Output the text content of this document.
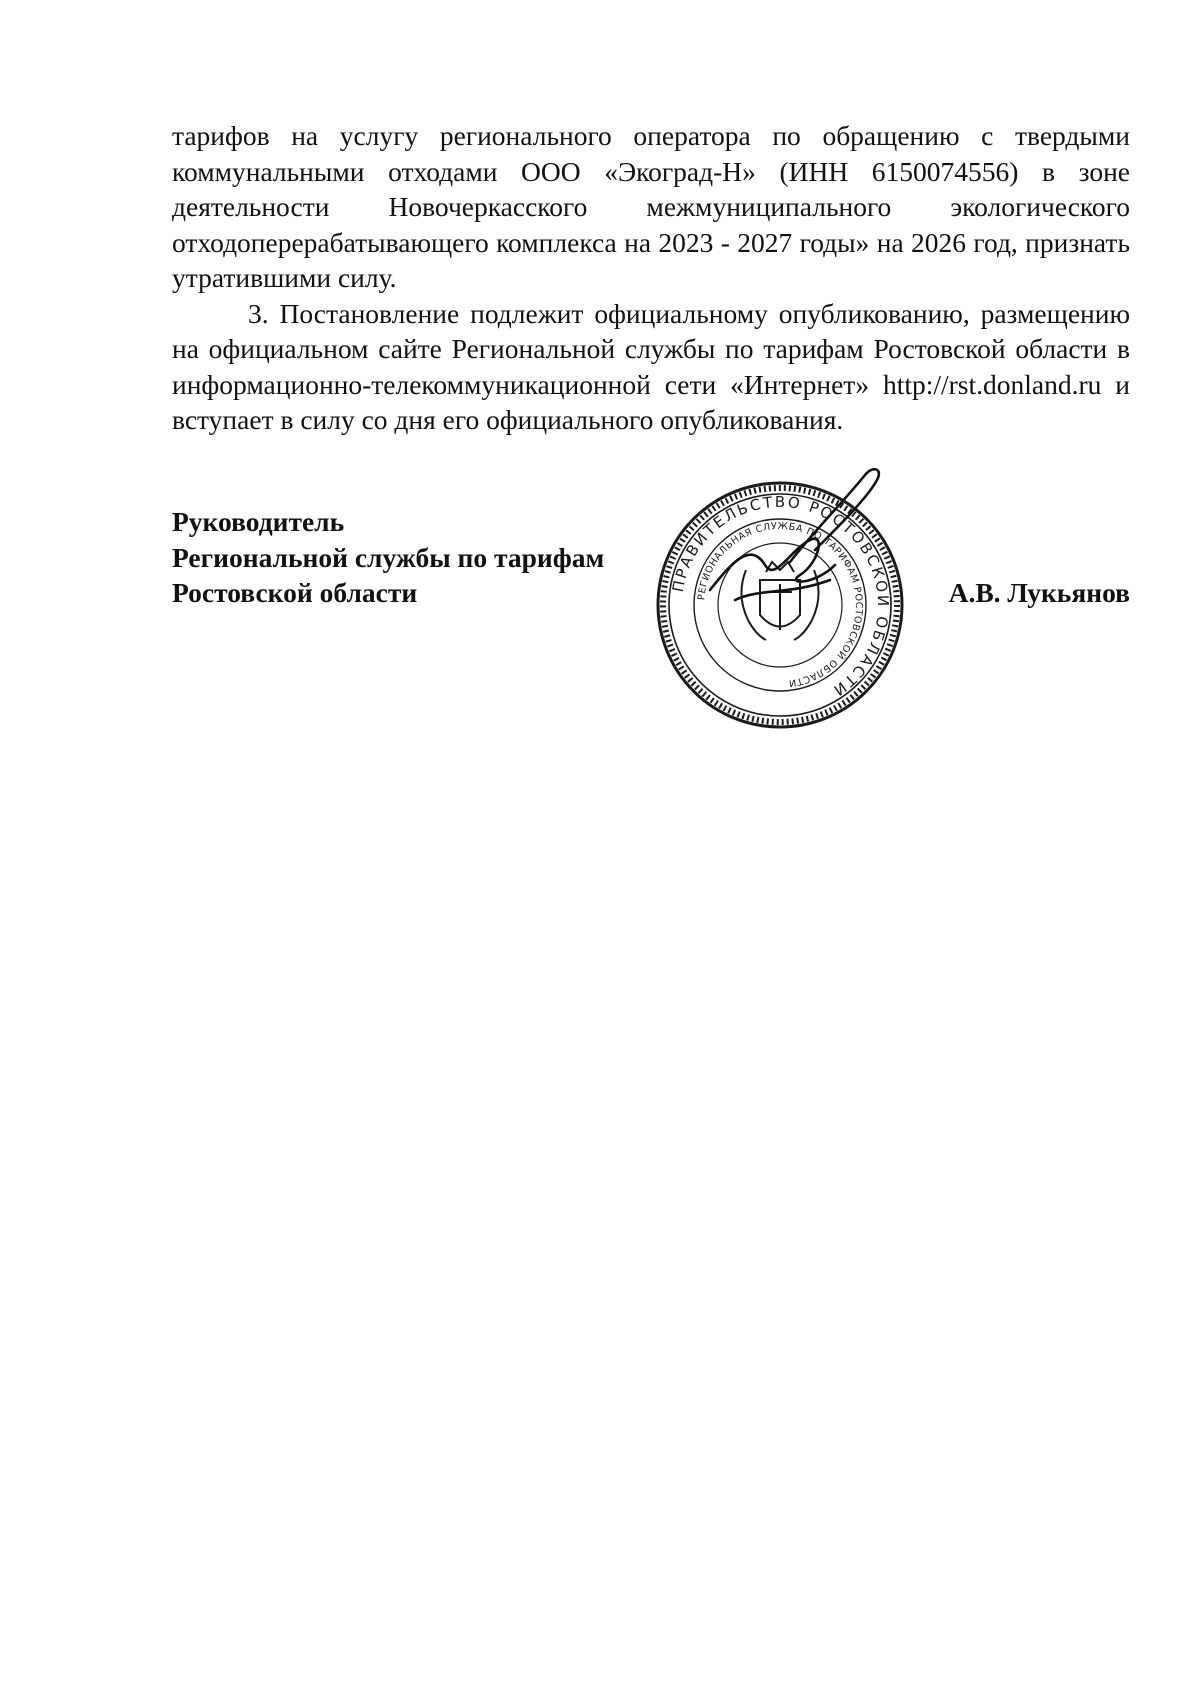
тарифов на услугу регионального оператора по обращению с твердыми коммунальными отходами ООО «Экоград-Н» (ИНН 6150074556) в зоне деятельности Новочеркасского межмуниципального экологического отходоперерабатывающего комплекса на 2023 - 2027 годы» на 2026 год, признать утратившими силу.

3. Постановление подлежит официальному опубликованию, размещению на официальном сайте Региональной службы по тарифам Ростовской области в информационно-телекоммуникационной сети «Интернет» http://rst.donland.ru и вступает в силу со дня его официального опубликования.

Руководитель
Региональной службы по тарифам
Ростовской области	А.В. Лукьянов
ПРАВИТЕЛЬСТВО РОСТОВСКОЙ ОБЛАСТИ
РЕГИОНАЛЬНАЯ СЛУЖБА ПО ТАРИФАМ РОСТОВСКОЙ ОБЛАСТИ
